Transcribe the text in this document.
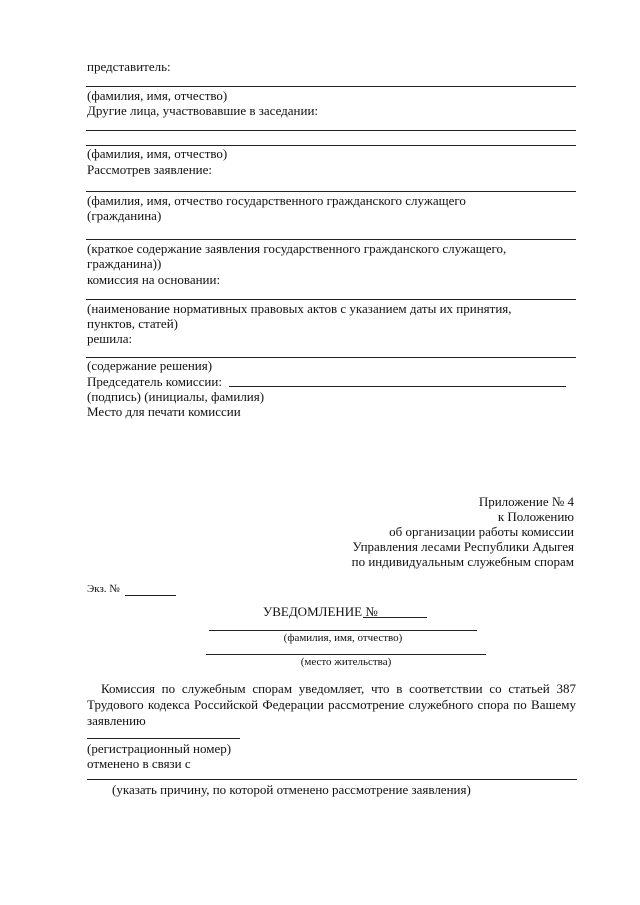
представитель:
(фамилия, имя, отчество)
Другие лица, участвовавшие в заседании:
(фамилия, имя, отчество)
Рассмотрев заявление:
(фамилия, имя, отчество государственного гражданского служащего
(гражданина)
(краткое содержание заявления государственного гражданского служащего,
гражданина))
комиссия на основании:
(наименование нормативных правовых актов с указанием даты их принятия,
пунктов, статей)
решила:
(содержание решения)
Председатель комиссии:
(подпись) (инициалы, фамилия)
Место для печати комиссии
Приложение № 4
к Положению
об организации работы комиссии
Управления лесами Республики Адыгея
по индивидуальным служебным спорам
Экз. №
УВЕДОМЛЕНИЕ №
(фамилия, имя, отчество)
(место жительства)
Комиссия по служебным спорам уведомляет, что в соответствии со статьей 387 Трудового кодекса Российской Федерации рассмотрение служебного спора по Вашему заявлению
(регистрационный номер)
отменено в связи с
(указать причину, по которой отменено рассмотрение заявления)
